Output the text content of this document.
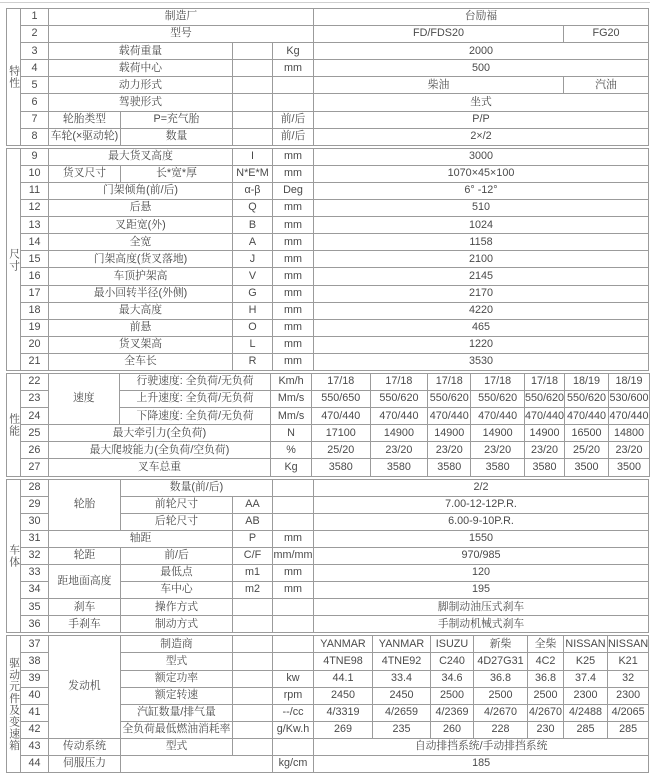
特性	1	制造厂				台励福	
	2	型号				FD/FDS20	FG20
	3	载荷重量			Kg	2000	
	4	载荷中心			mm	500	
	5	动力形式				柴油	汽油
	6	驾驶形式				坐式	
	7	轮胎类型	P=充气胎		前/后	P/P	
	8	车轮(×驱动轮)	数量		前/后	2×/2	
尺寸	9	最大货叉高度		I	mm	3000
	10	货叉尺寸	长*宽*厚	N*E*M	mm	1070×45×100
	11	门架倾角(前/后)		α-β	Deg	6° -12°
	12	后悬		Q	mm	510
	13	叉距宽(外)		B	mm	1024
	14	全宽		A	mm	1158
	15	门架高度(货叉落地)		J	mm	2100
	16	车顶护架高		V	mm	2145
	17	最小回转半径(外侧)		G	mm	2170
	18	最大高度		H	mm	4220
	19	前悬		O	mm	465
	20	货叉架高		L	mm	1220
	21	全车长		R	mm	3530
性能	22	速度	行驶速度: 全负荷/无负荷	Km/h	17/18	17/18	17/18	17/18	17/18	18/19	18/19
	23		上升速度: 全负荷/无负荷	Mm/s	550/650	550/620	550/620	550/620	550/620	550/620	530/600
	24		下降速度: 全负荷/无负荷	Mm/s	470/440	470/440	470/440	470/440	470/440	470/440	470/440
	25	最大牵引力(全负荷)		N	17100	14900	14900	14900	14900	16500	14800
	26	最大爬坡能力(全负荷/空负荷)		%	25/20	23/20	23/20	23/20	23/20	25/20	23/20
	27	叉车总重		Kg	3580	3580	3580	3580	3580	3500	3500
车体	28	轮胎	数量(前/后)			2/2
	29		前轮尺寸	AA		7.00-12-12P.R.
	30		后轮尺寸	AB		6.00-9-10P.R.
	31	轴距		P	mm	1550
	32	轮距	前/后	C/F	mm/mm	970/985
	33	距地面高度	最低点	m1	mm	120
	34		车中心	m2	mm	195
	35	刹车	操作方式			脚制动油压式刹车
	36	手刹车	制动方式			手制动机械式刹车
驱动元件及变速箱	37	发动机	制造商			YANMAR	YANMAR	ISUZU	新柴	全柴	NISSAN	NISSAN
	38		型式			4TNE98	4TNE92	C240	4D27G31	4C2	K25	K21
	39		额定功率		kw	44.1	33.4	34.6	36.8	36.8	37.4	32
	40		额定转速		rpm	2450	2450	2500	2500	2500	2300	2300
	41		汽缸数量/排气量		--/cc	4/3319	4/2659	4/2369	4/2670	4/2670	4/2488	4/2065
	42		全负荷最低燃油消耗率		g/Kw.h	269	235	260	228	230	285	285
	43	传动系统	型式			自动排挡系统/手动排挡系统						
	44	伺服压力			kg/cm	185						
